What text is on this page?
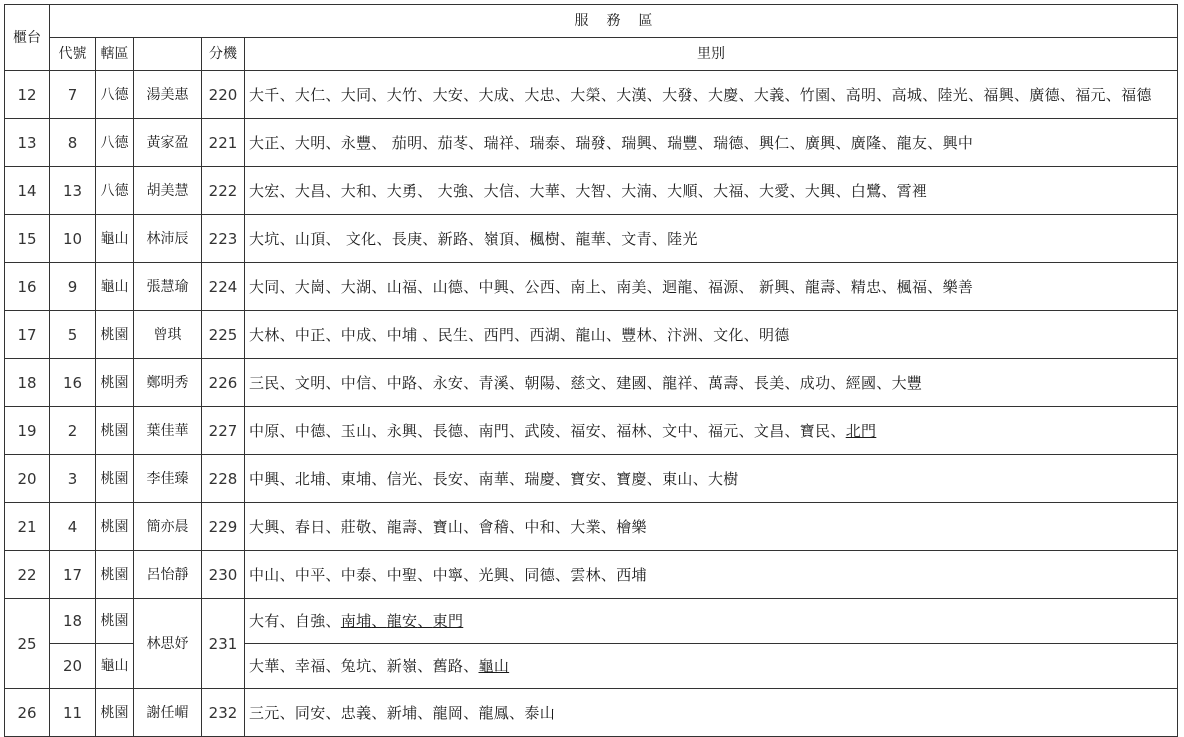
櫃台	服務區				
	代號	轄區		分機	里別
12	7	八德	湯美惠	220	大千、大仁、大同、大竹、大安、大成、大忠、大榮、大漢、大發、大慶、大義、竹園、高明、高城、陸光、福興、廣德、福元、福德
13	8	八德	黃家盈	221	大正、大明、永豐、 茄明、茄苳、瑞祥、瑞泰、瑞發、瑞興、瑞豐、瑞德、興仁、廣興、廣隆、龍友、興中
14	13	八德	胡美慧	222	大宏、大昌、大和、大勇、 大強、大信、大華、大智、大湳、大順、大福、大愛、大興、白鷺、霄裡
15	10	龜山	林沛辰	223	大坑、山頂、 文化、長庚、新路、嶺頂、楓樹、龍華、文青、陸光
16	9	龜山	張慧瑜	224	大同、大崗、大湖、山福、山德、中興、公西、南上、南美、迴龍、福源、 新興、龍壽、精忠、楓福、樂善
17	5	桃園	曾琪	225	大林、中正、中成、中埔 、民生、西門、西湖、龍山、豐林、汴洲、文化、明德
18	16	桃園	鄭明秀	226	三民、文明、中信、中路、永安、青溪、朝陽、慈文、建國、龍祥、萬壽、長美、成功、經國、大豐
19	2	桃園	葉佳華	227	中原、中德、玉山、永興、長德、南門、武陵、福安、福林、文中、福元、文昌、寶民、北門
20	3	桃園	李佳臻	228	中興、北埔、東埔、信光、長安、南華、瑞慶、寶安、寶慶、東山、大樹
21	4	桃園	簡亦晨	229	大興、春日、莊敬、龍壽、寶山、會稽、中和、大業、檜樂
22	17	桃園	呂怡靜	230	中山、中平、中泰、中聖、中寧、光興、同德、雲林、西埔
25	18	桃園	林思妤	231	大有、自強、南埔、龍安、東門
	20	龜山			大華、幸福、兔坑、新嶺、舊路、龜山
26	11	桃園	謝任嵋	232	三元、同安、忠義、新埔、龍岡、龍鳳、泰山
